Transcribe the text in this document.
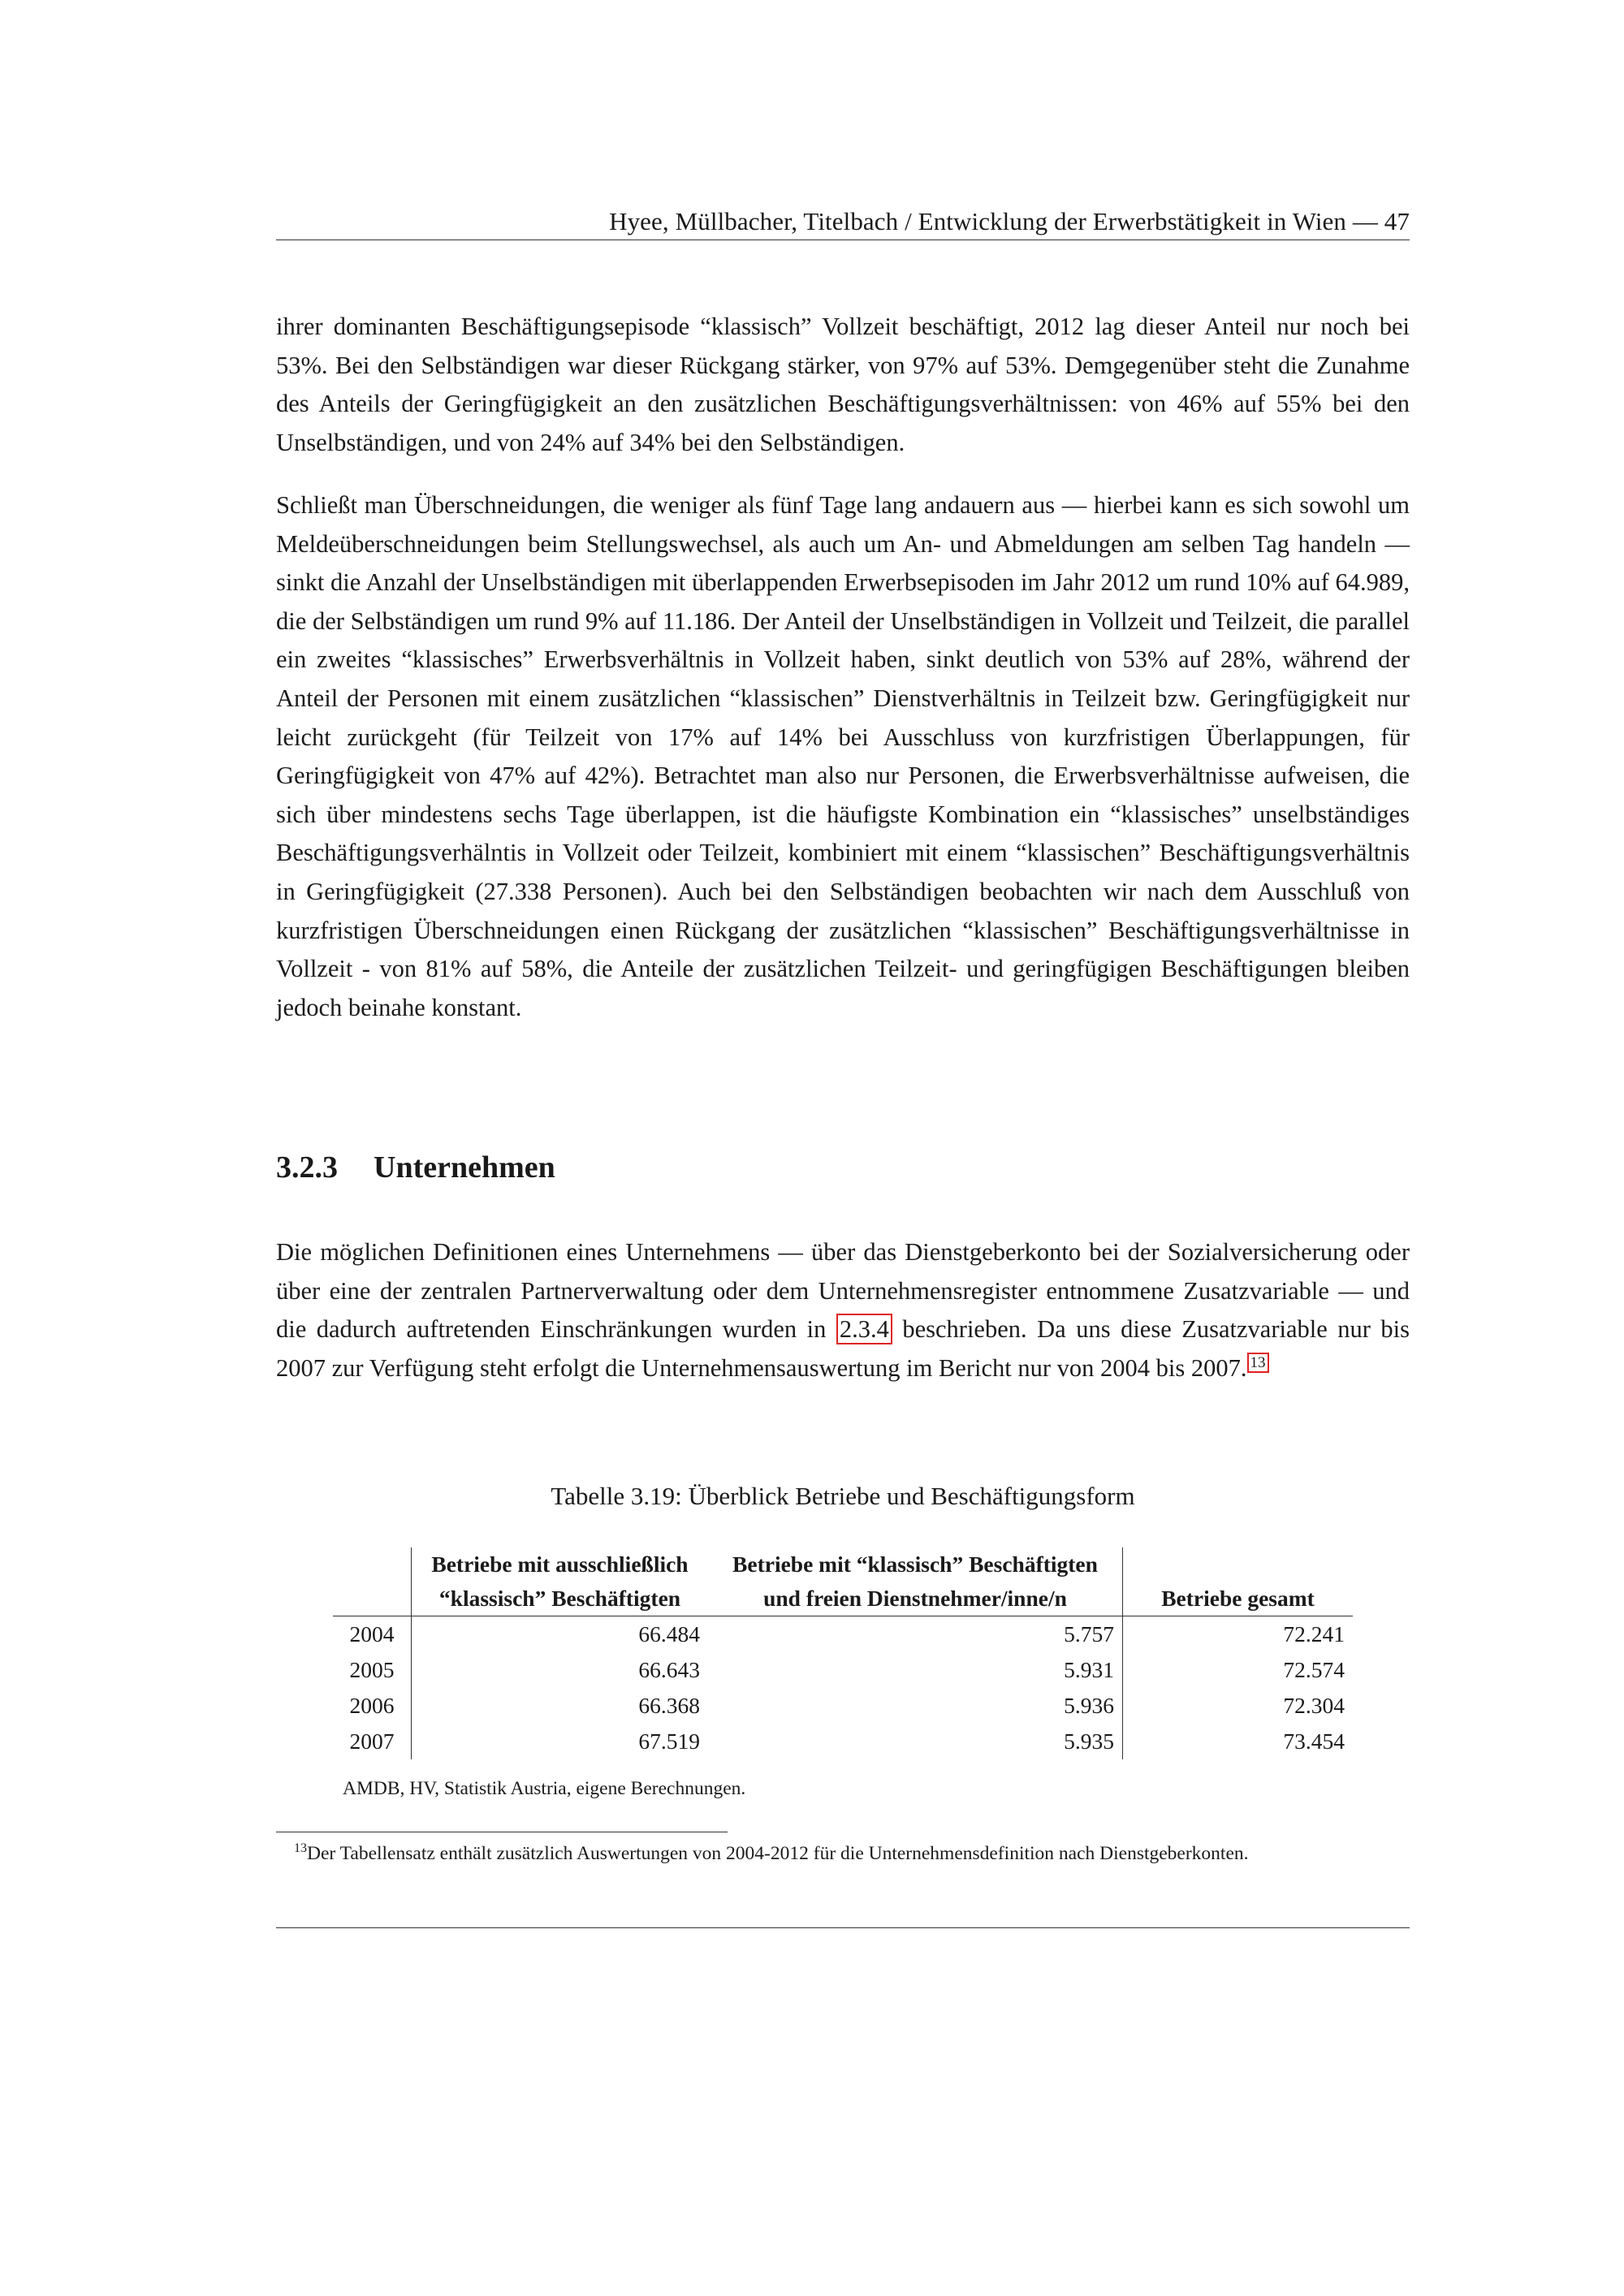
Hyee, Müllbacher, Titelbach / Entwicklung der Erwerbstätigkeit in Wien — 47

ihrer dominanten Beschäftigungsepisode “klassisch” Vollzeit beschäftigt, 2012 lag dieser Anteil nur noch bei 53%. Bei den Selbständigen war dieser Rückgang stärker, von 97% auf 53%. Demgegenüber steht die Zunahme des Anteils der Geringfügigkeit an den zusätzlichen Beschäftigungsverhältnissen: von 46% auf 55% bei den Unselbständigen, und von 24% auf 34% bei den Selbständigen.

Schließt man Überschneidungen, die weniger als fünf Tage lang andauern aus — hierbei kann es sich sowohl um Meldeüberschneidungen beim Stellungswechsel, als auch um An- und Abmeldungen am selben Tag handeln — sinkt die Anzahl der Unselbständigen mit überlappenden Erwerbsepisoden im Jahr 2012 um rund 10% auf 64.989, die der Selbständigen um rund 9% auf 11.186. Der Anteil der Unselbständigen in Vollzeit und Teilzeit, die parallel ein zweites “klassisches” Erwerbsverhältnis in Vollzeit haben, sinkt deutlich von 53% auf 28%, während der Anteil der Personen mit einem zusätzlichen “klassischen” Dienstverhältnis in Teilzeit bzw. Geringfügigkeit nur leicht zurückgeht (für Teilzeit von 17% auf 14% bei Ausschluss von kurzfristigen Überlappungen, für Geringfügigkeit von 47% auf 42%). Betrachtet man also nur Personen, die Erwerbsverhältnisse aufweisen, die sich über mindestens sechs Tage überlappen, ist die häufigste Kombination ein “klassisches” unselbständiges Beschäftigungsverhälntis in Vollzeit oder Teilzeit, kombiniert mit einem “klassischen” Beschäftigungsverhältnis in Geringfügigkeit (27.338 Personen). Auch bei den Selbständigen beobachten wir nach dem Ausschluß von kurzfristigen Überschneidungen einen Rückgang der zusätzlichen “klassischen” Beschäftigungsverhältnisse in Vollzeit - von 81% auf 58%, die Anteile der zusätzlichen Teilzeit- und geringfügigen Beschäftigungen bleiben jedoch beinahe konstant.

3.2.3 Unternehmen

Die möglichen Definitionen eines Unternehmens — über das Dienstgeberkonto bei der Sozialversicherung oder über eine der zentralen Partnerverwaltung oder dem Unternehmensregister entnommene Zusatzvariable — und die dadurch auftretenden Einschränkungen wurden in 2.3.4 beschrieben. Da uns diese Zusatzvariable nur bis 2007 zur Verfügung steht erfolgt die Unternehmensauswertung im Bericht nur von 2004 bis 2007. $^{13}$

Tabelle 3.19: Überblick Betriebe und Beschäftigungsform
	Betriebe mit ausschließlich	Betriebe mit “klassisch” Beschäftigten	
	“klassisch” Beschäftigten	und freien Dienstnehmer/inne/n	Betriebe gesamt
2004	66.484	5.757	72.241
2005	66.643	5.931	72.574
2006	66.368	5.936	72.304
2007	67.519	5.935	73.454
AMDB, HV, Statistik Austria, eigene Berechnungen.
$^{13}$Der Tabellensatz enthält zusätzlich Auswertungen von 2004-2012 für die Unternehmensdefinition nach Dienstgeberkonten.
